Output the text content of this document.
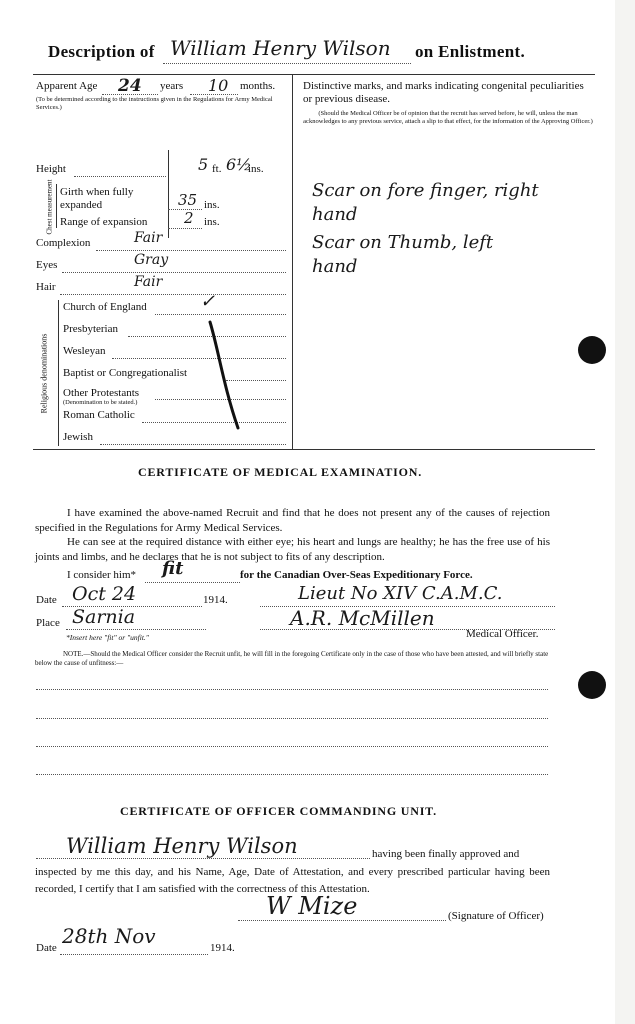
Description of William Henry Wilson on Enlistment.
Apparent Age 24 years 10 months.
(To be determined according to the instructions given in the Regulations for Army Medical Services.)
Height	5 ft. 6½
ins.
Chest measurement Girth when fully expanded	35 ins.
Range of expansion 2 ins.
Complexion	Fair
Eyes	Gray
Hair	Fair
Religious denominations
Church of England
Presbyterian
Wesleyan
Baptist or Congregationalist
Other Protestants
(Denomination to be stated.)
Roman Catholic
Jewish
✓
Distinctive marks, and marks indicating congenital peculiarities or previous disease.
(Should the Medical Officer be of opinion that the recruit has served before, he will, unless the man acknowledges to any previous service, attach a slip to that effect, for the information of the Approving Officer.)
Scar on fore finger, right
hand
Scar on Thumb, left
hand
CERTIFICATE OF MEDICAL EXAMINATION.
I have examined the above-named Recruit and find that he does not present any of the causes of rejection specified in the Regulations for Army Medical Services.
He can see at the required distance with either eye; his heart and lungs are healthy; he has the free use of his joints and limbs, and he declares that he is not subject to fits of any description.
I consider him* fit	for the Canadian Over-Seas Expeditionary Force.
Date Oct 24	1914.	Lieut No XIV C.A.M.C.
Place Sarnia	A.R. McMillen
Medical Officer.
*Insert here "fit" or "unfit."
NOTE.—Should the Medical Officer consider the Recruit unfit, he will fill in the foregoing Certificate only in the case of those who have been attested, and will briefly state below the cause of unfitness:—
CERTIFICATE OF OFFICER COMMANDING UNIT.
William Henry Wilson	having been finally approved and
inspected by me this day, and his Name, Age, Date of Attestation, and every prescribed particular having been recorded, I certify that I am satisfied with the correctness of this Attestation.
W Mize	(Signature of Officer)
Date 28th Nov	1914.
